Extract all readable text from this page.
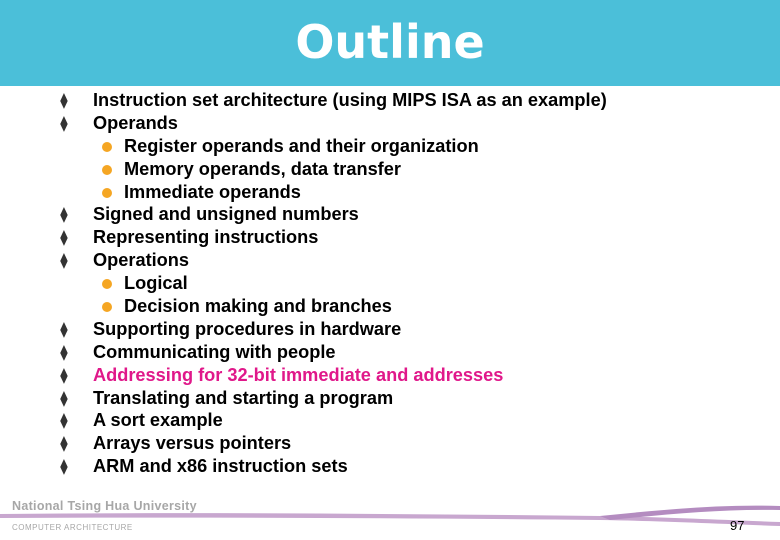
Outline
⧫ Instruction set architecture (using MIPS ISA as an example)
⧫ Operands
Register operands and their organization
Memory operands, data transfer
Immediate operands
⧫ Signed and unsigned numbers
⧫ Representing instructions
⧫ Operations
Logical
Decision making and branches
⧫ Supporting procedures in hardware
⧫ Communicating with people
⧫ Addressing for 32-bit immediate and addresses
⧫ Translating and starting a program
⧫ A sort example
⧫ Arrays versus pointers
⧫ ARM and x86 instruction sets
National Tsing Hua University
COMPUTER ARCHITECTURE	97
